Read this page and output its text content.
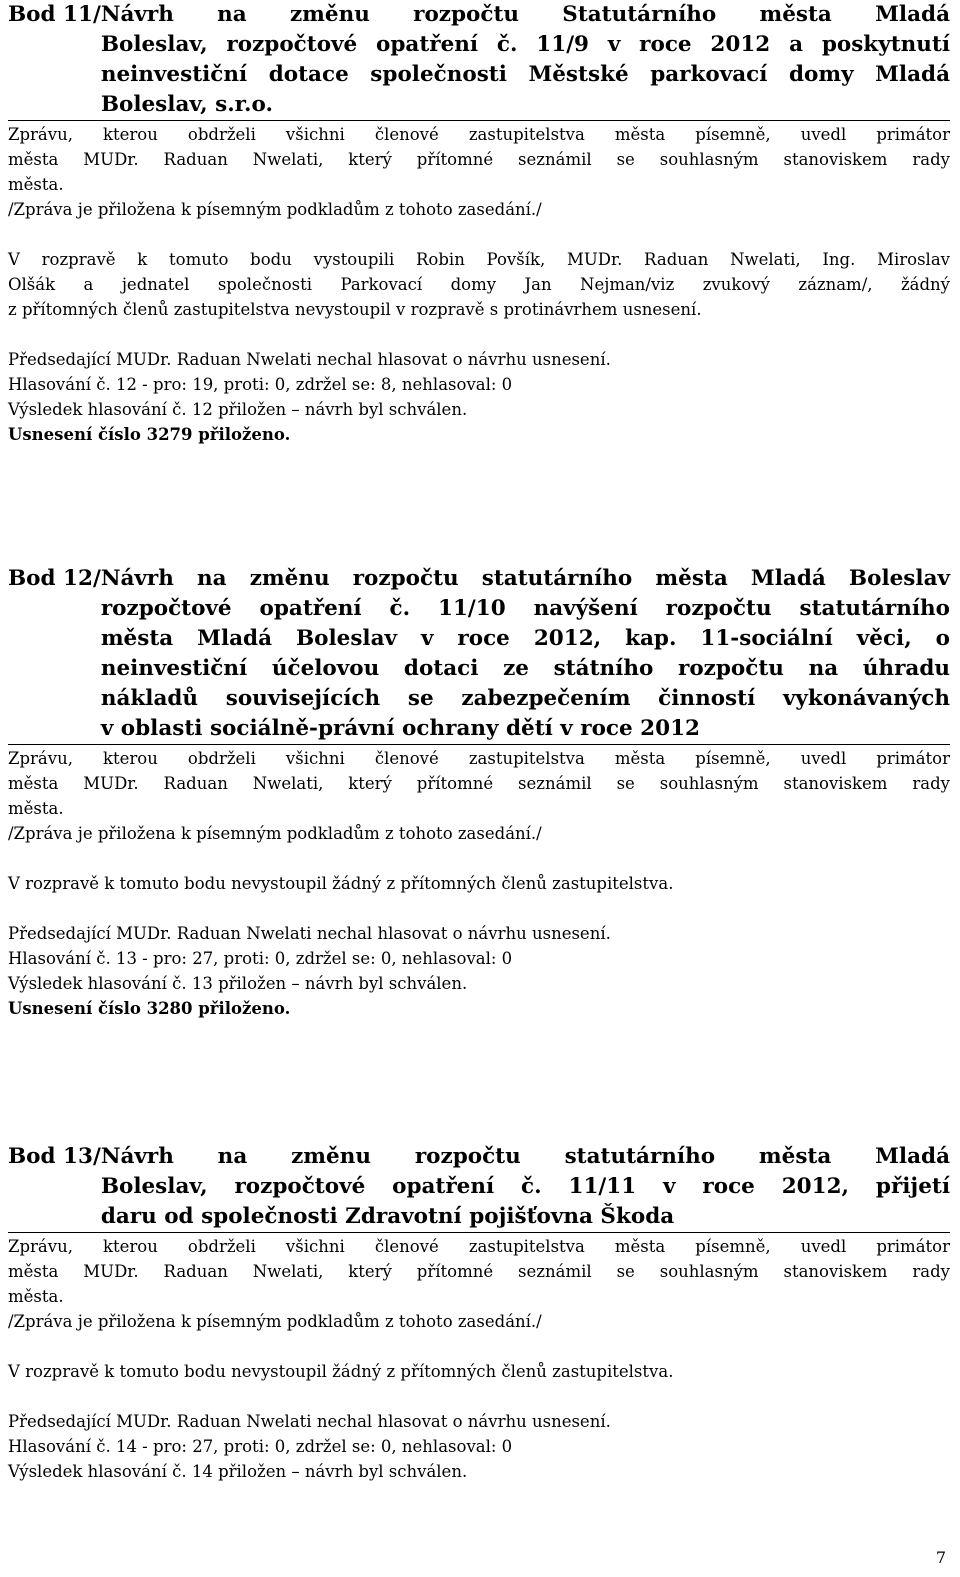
Bod 11/ Návrh na změnu rozpočtu Statutárního města Mladá
Boleslav, rozpočtové opatření č. 11/9 v roce 2012 a poskytnutí
neinvestiční dotace společnosti Městské parkovací domy Mladá
Boleslav, s.r.o.
Zprávu, kterou obdrželi všichni členové zastupitelstva města písemně, uvedl primátor
města MUDr. Raduan Nwelati, který přítomné seznámil se souhlasným stanoviskem rady
města.
/Zpráva je přiložena k písemným podkladům z tohoto zasedání./
V rozpravě k tomuto bodu vystoupili Robin Povšík, MUDr. Raduan Nwelati, Ing. Miroslav
Olšák a jednatel společnosti Parkovací domy Jan Nejman/viz zvukový záznam/, žádný
z přítomných členů zastupitelstva nevystoupil v rozpravě s protinávrhem usnesení.
Předsedající MUDr. Raduan Nwelati nechal hlasovat o návrhu usnesení.
Hlasování č. 12 - pro: 19, proti: 0, zdržel se: 8, nehlasoval: 0
Výsledek hlasování č. 12 přiložen – návrh byl schválen.
Usnesení číslo 3279 přiloženo.
Bod 12/ Návrh na změnu rozpočtu statutárního města Mladá Boleslav
rozpočtové opatření č. 11/10 navýšení rozpočtu statutárního
města Mladá Boleslav v roce 2012, kap. 11-sociální věci, o
neinvestiční účelovou dotaci ze státního rozpočtu na úhradu
nákladů souvisejících se zabezpečením činností vykonávaných
v oblasti sociálně-právní ochrany dětí v roce 2012
Zprávu, kterou obdrželi všichni členové zastupitelstva města písemně, uvedl primátor
města MUDr. Raduan Nwelati, který přítomné seznámil se souhlasným stanoviskem rady
města.
/Zpráva je přiložena k písemným podkladům z tohoto zasedání./
V rozpravě k tomuto bodu nevystoupil žádný z přítomných členů zastupitelstva.
Předsedající MUDr. Raduan Nwelati nechal hlasovat o návrhu usnesení.
Hlasování č. 13 - pro: 27, proti: 0, zdržel se: 0, nehlasoval: 0
Výsledek hlasování č. 13 přiložen – návrh byl schválen.
Usnesení číslo 3280 přiloženo.
Bod 13/ Návrh na změnu rozpočtu statutárního města Mladá
Boleslav, rozpočtové opatření č. 11/11 v roce 2012, přijetí
daru od společnosti Zdravotní pojišťovna Škoda
Zprávu, kterou obdrželi všichni členové zastupitelstva města písemně, uvedl primátor
města MUDr. Raduan Nwelati, který přítomné seznámil se souhlasným stanoviskem rady
města.
/Zpráva je přiložena k písemným podkladům z tohoto zasedání./
V rozpravě k tomuto bodu nevystoupil žádný z přítomných členů zastupitelstva.
Předsedající MUDr. Raduan Nwelati nechal hlasovat o návrhu usnesení.
Hlasování č. 14 - pro: 27, proti: 0, zdržel se: 0, nehlasoval: 0
Výsledek hlasování č. 14 přiložen – návrh byl schválen.
7
